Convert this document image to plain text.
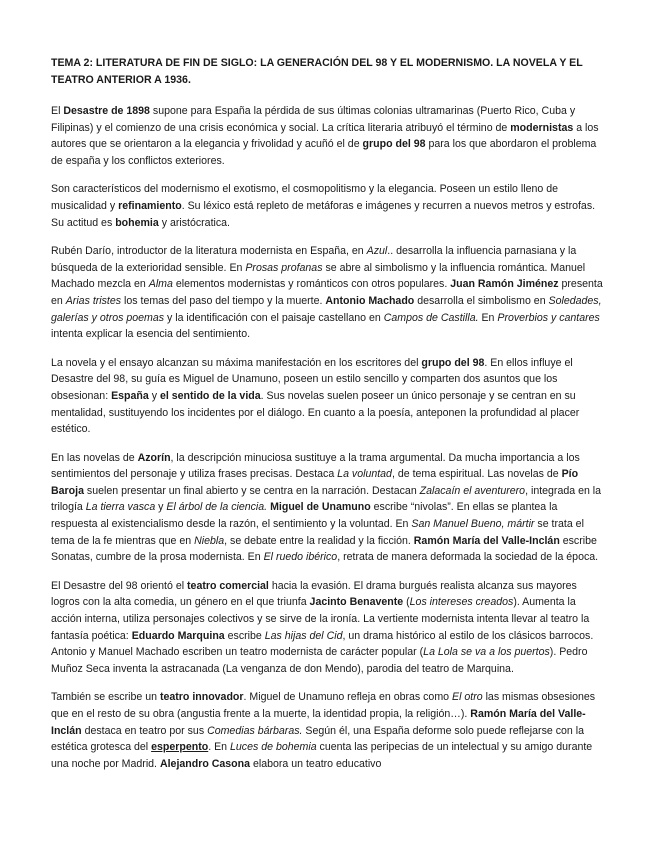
TEMA 2: LITERATURA DE FIN DE SIGLO: LA GENERACIÓN DEL 98 Y EL MODERNISMO. LA NOVELA Y EL TEATRO ANTERIOR A 1936.

El Desastre de 1898 supone para España la pérdida de sus últimas colonias ultramarinas (Puerto Rico, Cuba y Filipinas) y el comienzo de una crisis económica y social. La crítica literaria atribuyó el término de modernistas a los autores que se orientaron a la elegancia y frivolidad y acuñó el de grupo del 98 para los que abordaron el problema de españa y los conflictos exteriores.

Son característicos del modernismo el exotismo, el cosmopolitismo y la elegancia. Poseen un estilo lleno de musicalidad y refinamiento. Su léxico está repleto de metáforas e imágenes y recurren a nuevos metros y estrofas. Su actitud es bohemia y aristócratica.

Rubén Darío, introductor de la literatura modernista en España, en Azul.. desarrolla la influencia parnasiana y la búsqueda de la exterioridad sensible. En Prosas profanas se abre al simbolismo y la influencia romántica. Manuel Machado mezcla en Alma elementos modernistas y románticos con otros populares. Juan Ramón Jiménez presenta en Arias tristes los temas del paso del tiempo y la muerte. Antonio Machado desarrolla el simbolismo en Soledades, galerías y otros poemas y la identificación con el paisaje castellano en Campos de Castilla. En Proverbios y cantares intenta explicar la esencia del sentimiento.

La novela y el ensayo alcanzan su máxima manifestación en los escritores del grupo del 98. En ellos influye el Desastre del 98, su guía es Miguel de Unamuno, poseen un estilo sencillo y comparten dos asuntos que los obsesionan: España y el sentido de la vida. Sus novelas suelen poseer un único personaje y se centran en su mentalidad, sustituyendo los incidentes por el diálogo. En cuanto a la poesía, anteponen la profundidad al placer estético.

En las novelas de Azorín, la descripción minuciosa sustituye a la trama argumental. Da mucha importancia a los sentimientos del personaje y utiliza frases precisas. Destaca La voluntad, de tema espiritual. Las novelas de Pío Baroja suelen presentar un final abierto y se centra en la narración. Destacan Zalacaín el aventurero, integrada en la trilogía La tierra vasca y El árbol de la ciencia. Miguel de Unamuno escribe “nivolas”. En ellas se plantea la respuesta al existencialismo desde la razón, el sentimiento y la voluntad. En San Manuel Bueno, mártir se trata el tema de la fe mientras que en Niebla, se debate entre la realidad y la ficción. Ramón María del Valle-Inclán escribe Sonatas, cumbre de la prosa modernista. En El ruedo ibérico, retrata de manera deformada la sociedad de la época.

El Desastre del 98 orientó el teatro comercial hacia la evasión. El drama burgués realista alcanza sus mayores logros con la alta comedia, un género en el que triunfa Jacinto Benavente (Los intereses creados). Aumenta la acción interna, utiliza personajes colectivos y se sirve de la ironía. La vertiente modernista intenta llevar al teatro la fantasía poética: Eduardo Marquina escribe Las hijas del Cid, un drama histórico al estilo de los clásicos barrocos. Antonio y Manuel Machado escriben un teatro modernista de carácter popular (La Lola se va a los puertos). Pedro Muñoz Seca inventa la astracanada (La venganza de don Mendo), parodia del teatro de Marquina.

También se escribe un teatro innovador. Miguel de Unamuno refleja en obras como El otro las mismas obsesiones que en el resto de su obra (angustia frente a la muerte, la identidad propia, la religión…). Ramón María del Valle-Inclán destaca en teatro por sus Comedias bárbaras. Según él, una España deforme solo puede reflejarse con la estética grotesca del esperpento. En Luces de bohemia cuenta las peripecias de un intelectual y su amigo durante una noche por Madrid. Alejandro Casona elabora un teatro educativo
